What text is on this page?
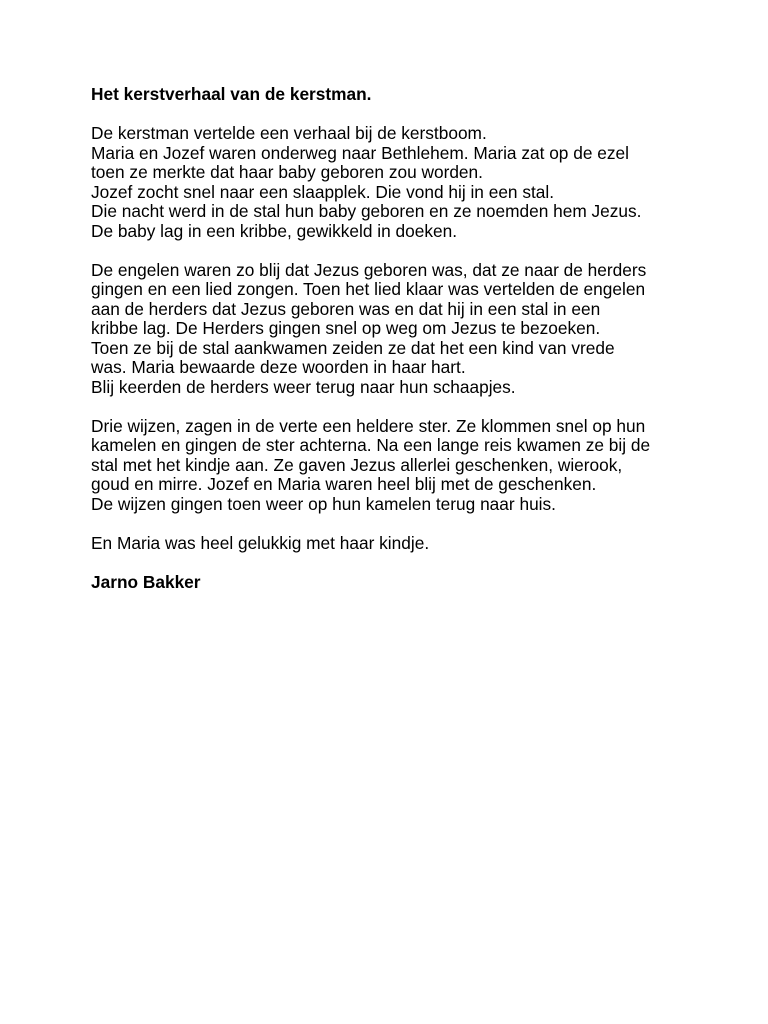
Het kerstverhaal van de kerstman.

De kerstman vertelde een verhaal bij de kerstboom.
Maria en Jozef waren onderweg naar Bethlehem. Maria zat op de ezel
toen ze merkte dat haar baby geboren zou worden.
Jozef zocht snel naar een slaapplek. Die vond hij in een stal.
Die nacht werd in de stal hun baby geboren en ze noemden hem Jezus.
De baby lag in een kribbe, gewikkeld in doeken.

De engelen waren zo blij dat Jezus geboren was, dat ze naar de herders
gingen en een lied zongen. Toen het lied klaar was vertelden de engelen
aan de herders dat Jezus geboren was en dat hij in een stal in een
kribbe lag. De Herders gingen snel op weg om Jezus te bezoeken.
Toen ze bij de stal aankwamen zeiden ze dat het een kind van vrede
was. Maria bewaarde deze woorden in haar hart.
Blij keerden de herders weer terug naar hun schaapjes.

Drie wijzen, zagen in de verte een heldere ster. Ze klommen snel op hun
kamelen en gingen de ster achterna. Na een lange reis kwamen ze bij de
stal met het kindje aan. Ze gaven Jezus allerlei geschenken, wierook,
goud en mirre. Jozef en Maria waren heel blij met de geschenken.
De wijzen gingen toen weer op hun kamelen terug naar huis.

En Maria was heel gelukkig met haar kindje.

Jarno Bakker
